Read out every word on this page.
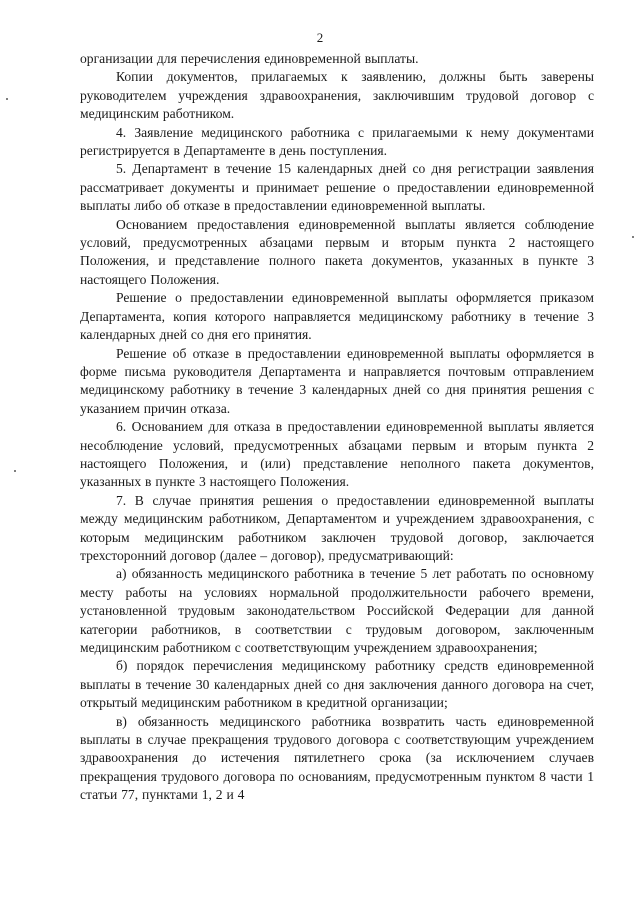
2

организации для перечисления единовременной выплаты.

Копии документов, прилагаемых к заявлению, должны быть заверены руководителем учреждения здравоохранения, заключившим трудовой договор с медицинским работником.

4. Заявление медицинского работника с прилагаемыми к нему документами регистрируется в Департаменте в день поступления.

5. Департамент в течение 15 календарных дней со дня регистрации заявления рассматривает документы и принимает решение о предоставлении единовременной выплаты либо об отказе в предоставлении единовременной выплаты.

Основанием предоставления единовременной выплаты является соблюдение условий, предусмотренных абзацами первым и вторым пункта 2 настоящего Положения, и представление полного пакета документов, указанных в пункте 3 настоящего Положения.

Решение о предоставлении единовременной выплаты оформляется приказом Департамента, копия которого направляется медицинскому работнику в течение 3 календарных дней со дня его принятия.

Решение об отказе в предоставлении единовременной выплаты оформляется в форме письма руководителя Департамента и направляется почтовым отправлением медицинскому работнику в течение 3 календарных дней со дня принятия решения с указанием причин отказа.

6. Основанием для отказа в предоставлении единовременной выплаты является несоблюдение условий, предусмотренных абзацами первым и вторым пункта 2 настоящего Положения, и (или) представление неполного пакета документов, указанных в пункте 3 настоящего Положения.

7. В случае принятия решения о предоставлении единовременной выплаты между медицинским работником, Департаментом и учреждением здравоохранения, с которым медицинским работником заключен трудовой договор, заключается трехсторонний договор (далее – договор), предусматривающий:

а) обязанность медицинского работника в течение 5 лет работать по основному месту работы на условиях нормальной продолжительности рабочего времени, установленной трудовым законодательством Российской Федерации для данной категории работников, в соответствии с трудовым договором, заключенным медицинским работником с соответствующим учреждением здравоохранения;

б) порядок перечисления медицинскому работнику средств единовременной выплаты в течение 30 календарных дней со дня заключения данного договора на счет, открытый медицинским работником в кредитной организации;

в) обязанность медицинского работника возвратить часть единовременной выплаты в случае прекращения трудового договора с соответствующим учреждением здравоохранения до истечения пятилетнего срока (за исключением случаев прекращения трудового договора по основаниям, предусмотренным пунктом 8 части 1 статьи 77, пунктами 1, 2 и 4
